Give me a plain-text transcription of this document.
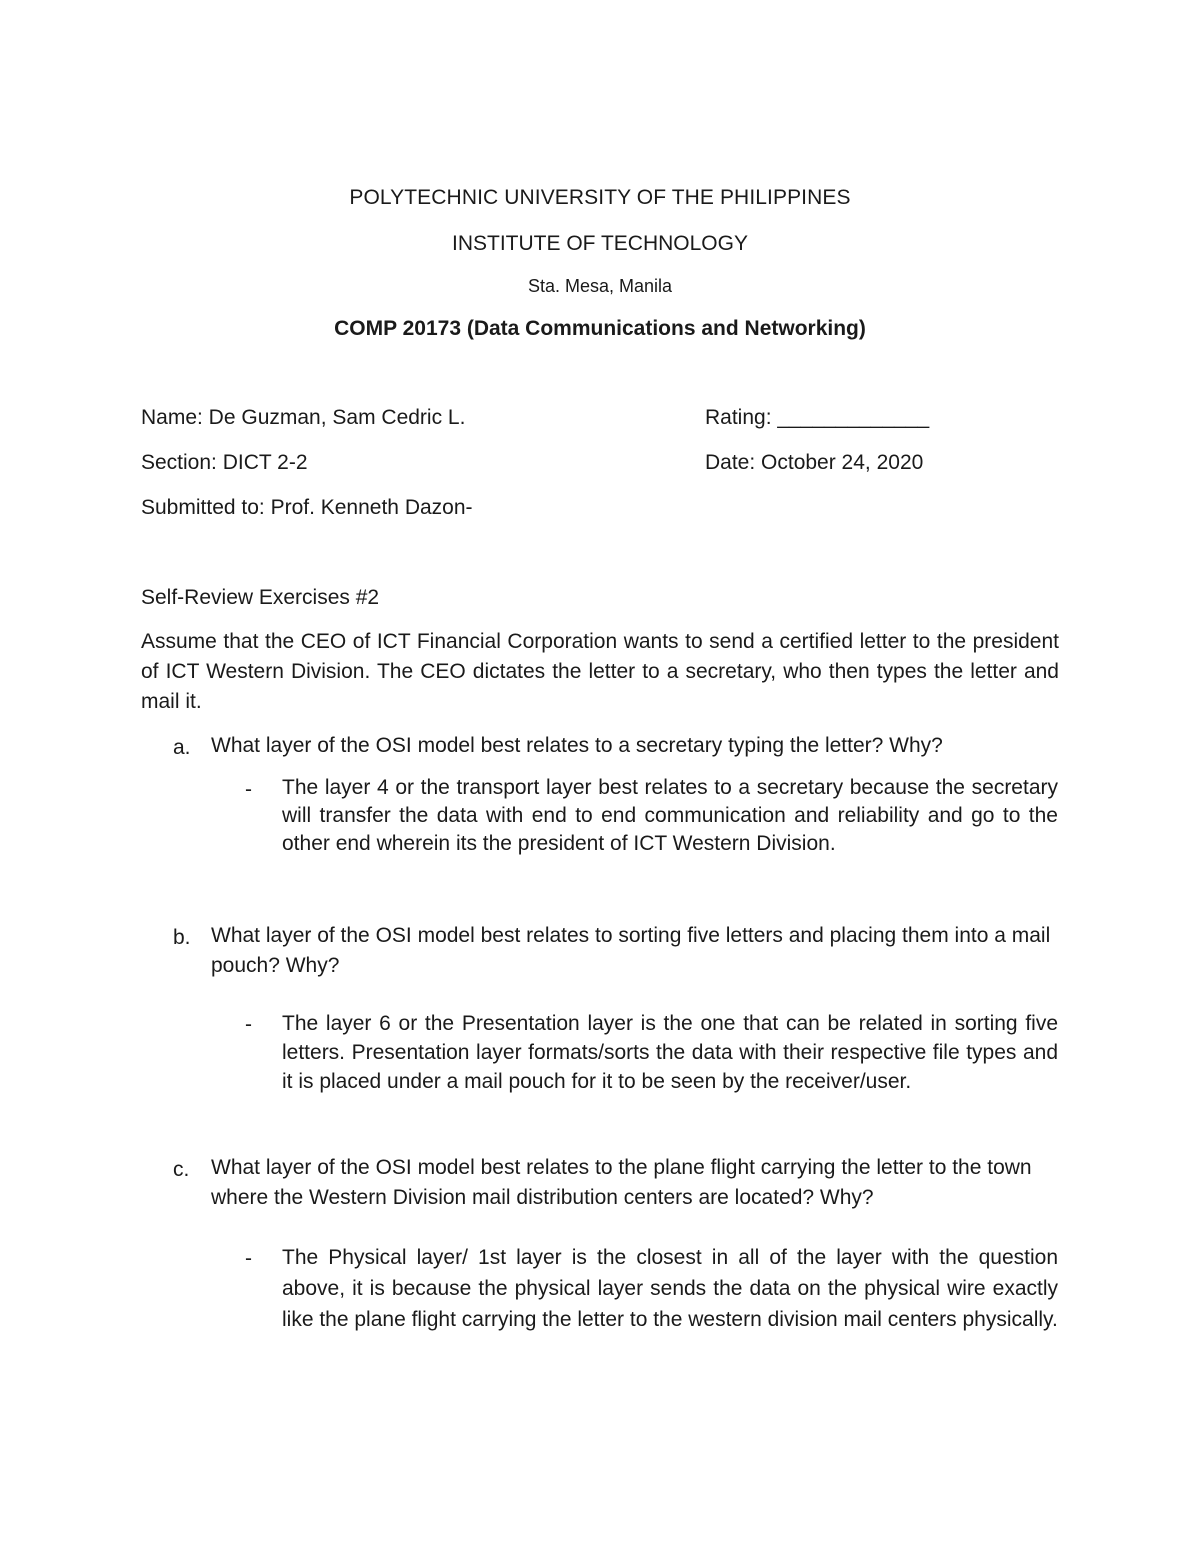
POLYTECHNIC UNIVERSITY OF THE PHILIPPINES
INSTITUTE OF TECHNOLOGY
Sta. Mesa, Manila
COMP 20173 (Data Communications and Networking)
Name: De Guzman, Sam Cedric L.	Rating: _____________
Section: DICT 2-2	Date: October 24, 2020
Submitted to: Prof. Kenneth Dazon-
Self-Review Exercises #2

Assume that the CEO of ICT Financial Corporation wants to send a certified letter to the president of ICT Western Division. The CEO dictates the letter to a secretary, who then types the letter and mail it.

a. What layer of the OSI model best relates to a secretary typing the letter? Why?

- The layer 4 or the transport layer best relates to a secretary because the secretary will transfer the data with end to end communication and reliability and go to the other end wherein its the president of ICT Western Division.

b. What layer of the OSI model best relates to sorting five letters and placing them into a mail pouch? Why?

- The layer 6 or the Presentation layer is the one that can be related in sorting five letters. Presentation layer formats/sorts the data with their respective file types and it is placed under a mail pouch for it to be seen by the receiver/user.

c. What layer of the OSI model best relates to the plane flight carrying the letter to the town where the Western Division mail distribution centers are located? Why?

- The Physical layer/ 1st layer is the closest in all of the layer with the question above, it is because the physical layer sends the data on the physical wire exactly like the plane flight carrying the letter to the western division mail centers physically.
